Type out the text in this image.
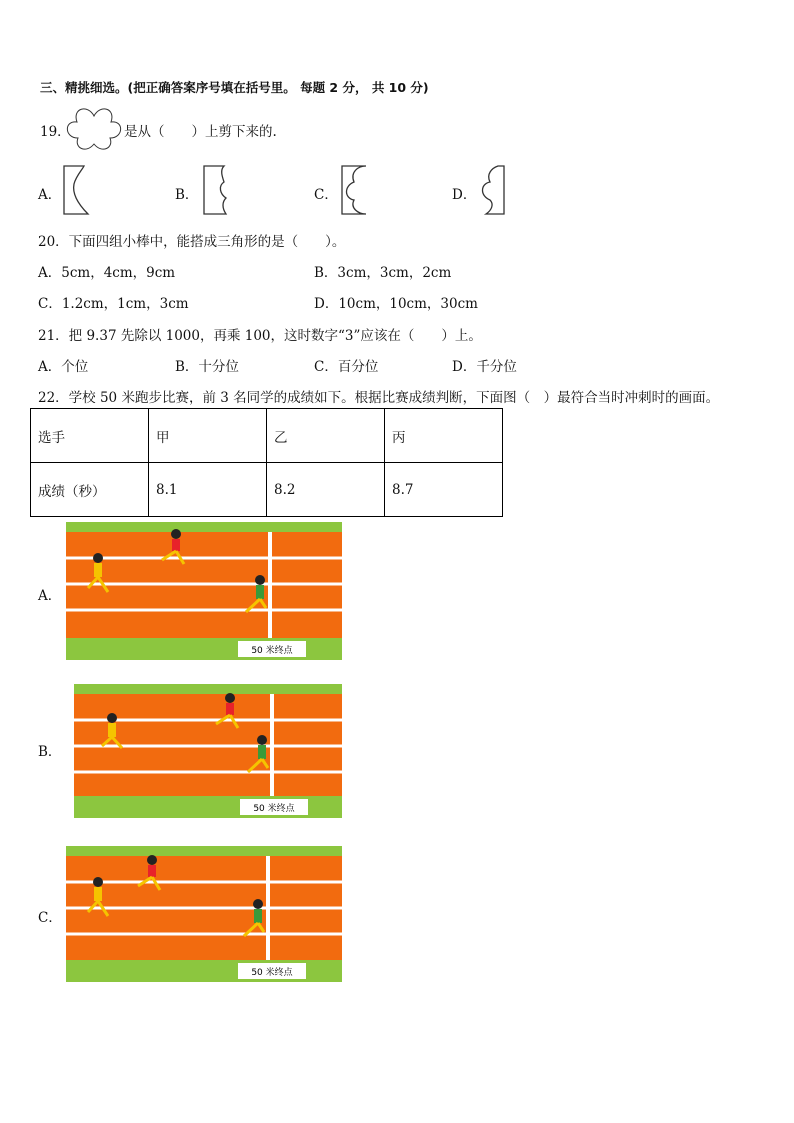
三、精挑细选。(把正确答案序号填在括号里。 每题 2 分， 共 10 分)
19．	是从（　　）上剪下来的.
A．	B．	C．	D．
20．下面四组小棒中，能搭成三角形的是（　　）。
A．5cm，4cm，9cm	B．3cm，3cm，2cm
C．1.2cm，1cm，3cm	D．10cm，10cm，30cm
21．把 9.37 先除以 1000，再乘 100，这时数字“3”应该在（　　）上。
A．个位	B．十分位	C．百分位	D．千分位
22．学校 50 米跑步比赛，前 3 名同学的成绩如下。根据比赛成绩判断，下面图（　）最符合当时冲刺时的画面。
选手	甲	乙	丙
成绩（秒）	8.1	8.2	8.7
A．
50 米终点
B．
50 米终点
C．
50 米终点
